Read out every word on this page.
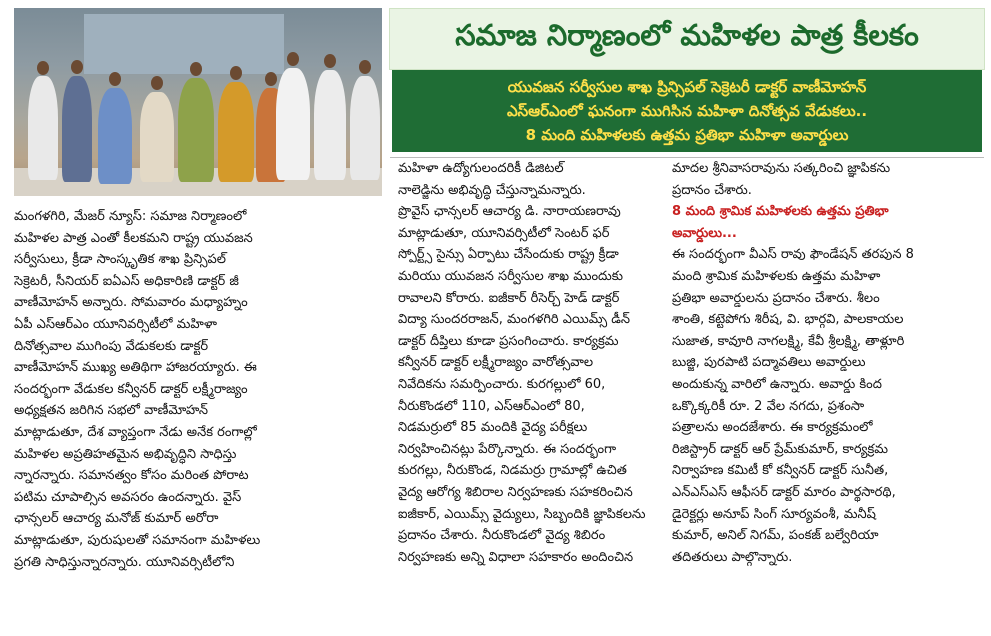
సమాజ నిర్మాణంలో మహిళల పాత్ర కీలకం
యువజన సర్వీసుల శాఖ ప్రిన్సిపల్ సెక్రెటరీ డాక్టర్ వాణీమోహన్
ఎస్ఆర్ఎంలో ఘనంగా ముగిసిన మహిళా దినోత్సవ వేడుకలు..
8 మంది మహిళలకు ఉత్తమ ప్రతిభా మహిళా అవార్డులు
మంగళగిరి, మేజర్ న్యూస్: సమాజ నిర్మాణంలో
మహిళల పాత్ర ఎంతో కీలకమని రాష్ట్ర యువజన
సర్వీసులు, క్రీడా సాంస్కృతిక శాఖ ప్రిన్సిపల్
సెక్రెటరీ, సీనియర్ ఐఏఎస్ అధికారిణి డాక్టర్ జీ
వాణీమోహన్ అన్నారు. సోమవారం మధ్యాహ్నం
ఏపీ ఎస్ఆర్ఎం యూనివర్సిటీలో మహిళా
దినోత్సవాల ముగింపు వేడుకలకు డాక్టర్
వాణీమోహన్ ముఖ్య అతిథిగా హాజరయ్యారు. ఈ
సందర్భంగా వేడుకల కన్వీనర్ డాక్టర్ లక్ష్మీరాజ్యం
అధ్యక్షతన జరిగిన సభలో వాణీమోహన్
మాట్లాడుతూ, దేశ వ్యాప్తంగా నేడు అనేక రంగాల్లో
మహిళల అప్రతిహతమైన అభివృద్ధిని సాధిస్తు
న్నారన్నారు. సమానత్వం కోసం మరింత పోరాట
పటిమ చూపాల్సిన అవసరం ఉందన్నారు. వైస్
ఛాన్సలర్ ఆచార్య మనోజ్ కుమార్ అరోరా
మాట్లాడుతూ, పురుషులతో సమానంగా మహిళలు
ప్రగతి సాధిస్తున్నారన్నారు. యూనివర్సిటీలోని
మహిళా ఉద్యోగులందరికీ డిజిటల్
నాలెడ్జిను అభివృద్ధి చేస్తున్నామన్నారు.
ప్రొవైస్ ఛాన్సలర్ ఆచార్య డి. నారాయణరావు
మాట్లాడుతూ, యూనివర్సిటీలో సెంటర్ ఫర్
స్పోర్ట్స్ సైన్సు ఏర్పాటు చేసేందుకు రాష్ట్ర క్రీడా
మరియు యువజన సర్వీసుల శాఖ ముందుకు
రావాలని కోరారు. ఐజీకార్ రీసెర్చ్ హెడ్ డాక్టర్
విద్యా సుందరరాజన్, మంగళగిరి ఎయిమ్స్ డీన్
డాక్టర్ దీప్తిలు కూడా ప్రసంగించారు. కార్యక్రమ
కన్వీనర్ డాక్టర్ లక్ష్మీరాజ్యం వారోత్సవాల
నివేదికను సమర్పించారు. కురగల్లులో 60,
నీరుకొండలో 110, ఎస్ఆర్ఎంలో 80,
నిడమర్రులో 85 మందికి వైద్య పరీక్షలు
నిర్వహించినట్లు పేర్కొన్నారు. ఈ సందర్భంగా
కురగల్లు, నీరుకొండ, నిడమర్రు గ్రామాల్లో ఉచిత
వైద్య ఆరోగ్య శిబిరాల నిర్వహణకు సహకరించిన
ఐజీకార్, ఎయిమ్స్ వైద్యులు, సిబ్బందికి జ్ఞాపికలను
ప్రదానం చేశారు. నీరుకొండలో వైద్య శిబిరం
నిర్వహణకు అన్ని విధాలా సహకారం అందించిన
మాదల శ్రీనివాసరావును సత్కరించి జ్ఞాపికను
ప్రదానం చేశారు.
8 మంది శ్రామిక మహిళలకు ఉత్తమ ప్రతిభా
అవార్డులు...
ఈ సందర్భంగా వీఎస్ రావు ఫౌండేషన్ తరపున 8
మంది శ్రామిక మహిళలకు ఉత్తమ మహిళా
ప్రతిభా అవార్డులను ప్రదానం చేశారు. శీలం
శాంతి, కట్టెపోగు శిరీష, వి. భార్గవి, పాలకాయల
సుజాత, కావూరి నాగలక్ష్మి, కేవీ శ్రీలక్ష్మి, తాళ్లూరి
బుజ్జి, పురపాటి పద్మావతిలు అవార్డులు
అందుకున్న వారిలో ఉన్నారు. అవార్డు కింద
ఒక్కొక్కరికీ రూ. 2 వేల నగదు, ప్రశంసా
పత్రాలను అందజేశారు. ఈ కార్యక్రమంలో
రిజిస్ట్రార్ డాక్టర్ ఆర్ ప్రేమ్‌కుమార్, కార్యక్రమ
నిర్వాహణ కమిటీ కో కన్వీనర్ డాక్టర్ సునీత,
ఎన్ఎస్ఎస్ ఆఫీసర్ డాక్టర్ మారం పార్థసారథి,
డైరెక్టర్లు అనూప్ సింగ్ సూర్యవంశీ, మనీష్
కుమార్, అనిల్ నిగమ్, పంకజ్ బల్వేరియా
తదితరులు పాల్గొన్నారు.
